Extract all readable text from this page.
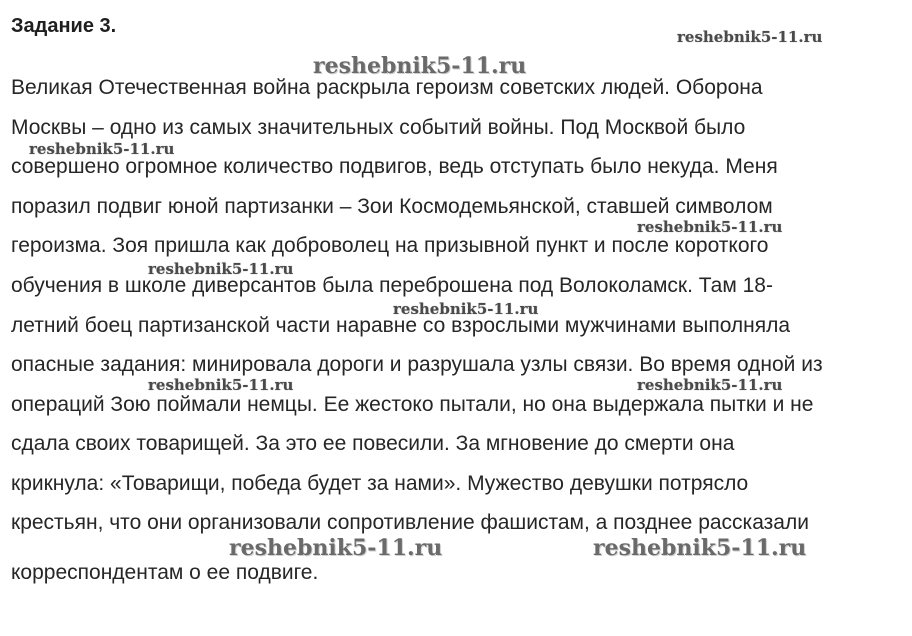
Задание 3.
Великая Отечественная война раскрыла героизм советских людей. Оборона
Москвы – одно из самых значительных событий войны. Под Москвой было
совершено огромное количество подвигов, ведь отступать было некуда. Меня
поразил подвиг юной партизанки – Зои Космодемьянской, ставшей символом
героизма. Зоя пришла как доброволец на призывной пункт и после короткого
обучения в школе диверсантов была переброшена под Волоколамск. Там 18-
летний боец партизанской части наравне со взрослыми мужчинами выполняла
опасные задания: минировала дороги и разрушала узлы связи. Во время одной из
операций Зою поймали немцы. Ее жестоко пытали, но она выдержала пытки и не
сдала своих товарищей. За это ее повесили. За мгновение до смерти она
крикнула: «Товарищи, победа будет за нами». Мужество девушки потрясло
крестьян, что они организовали сопротивление фашистам, а позднее рассказали
корреспондентам о ее подвиге.
reshebnik5-11.ru
reshebnik5-11.ru
reshebnik5-11.ru
reshebnik5-11.ru
reshebnik5-11.ru
reshebnik5-11.ru
reshebnik5-11.ru	reshebnik5-11.ru
reshebnik5-11.ru	reshebnik5-11.ru
